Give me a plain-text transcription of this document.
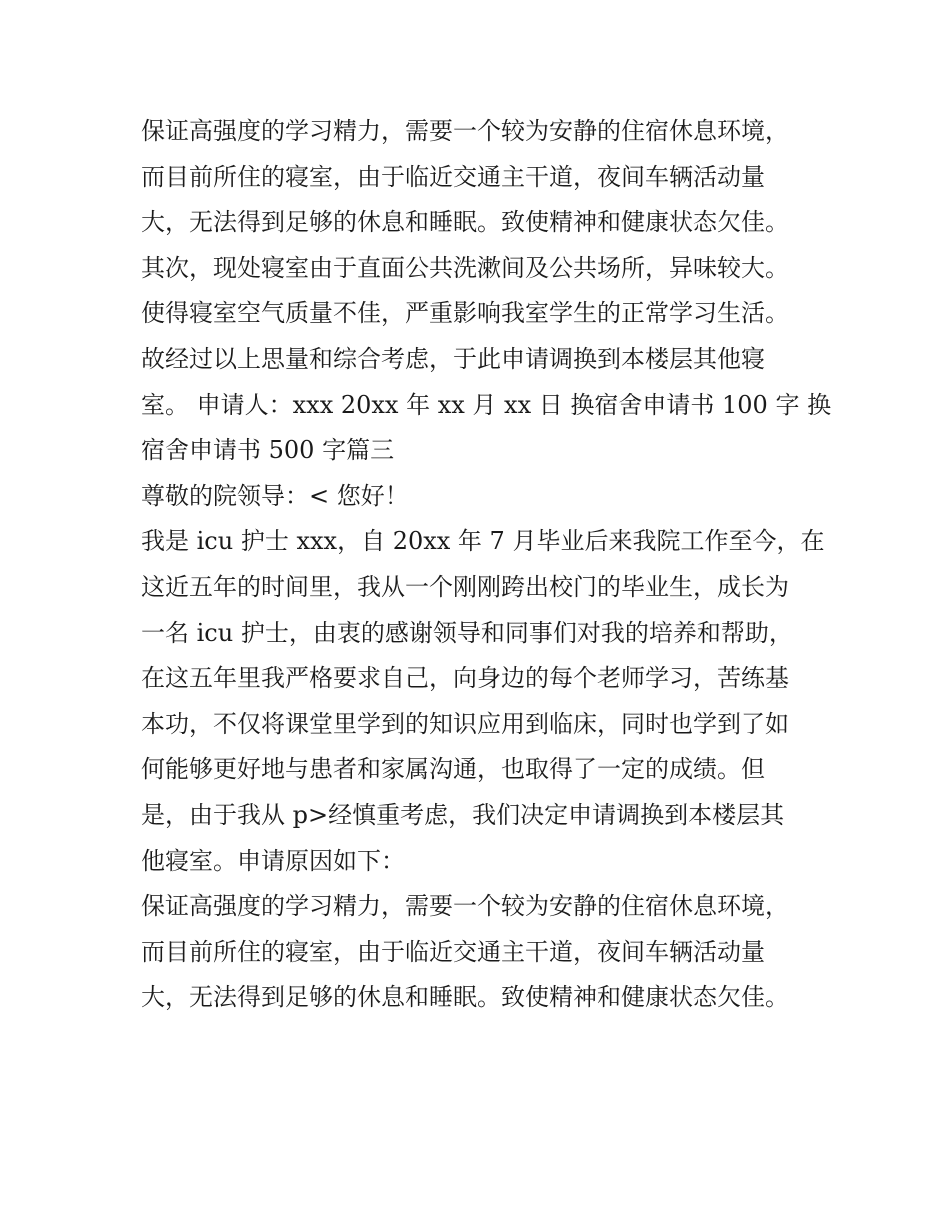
保证高强度的学习精力，需要一个较为安静的住宿休息环境，
而目前所住的寝室，由于临近交通主干道，夜间车辆活动量
大，无法得到足够的休息和睡眠。致使精神和健康状态欠佳。
其次，现处寝室由于直面公共洗漱间及公共场所，异味较大。
使得寝室空气质量不佳，严重影响我室学生的正常学习生活。
故经过以上思量和综合考虑，于此申请调换到本楼层其他寝
室。 申请人：xxx 20xx 年 xx 月 xx 日 换宿舍申请书 100 字 换
宿舍申请书 500 字篇三
尊敬的院领导：< 您好！
我是 icu 护士 xxx，自 20xx 年 7 月毕业后来我院工作至今，在
这近五年的时间里，我从一个刚刚跨出校门的毕业生，成长为
一名 icu 护士，由衷的感谢领导和同事们对我的培养和帮助，
在这五年里我严格要求自己，向身边的每个老师学习，苦练基
本功，不仅将课堂里学到的知识应用到临床，同时也学到了如
何能够更好地与患者和家属沟通，也取得了一定的成绩。但
是，由于我从 p>经慎重考虑，我们决定申请调换到本楼层其
他寝室。申请原因如下：
保证高强度的学习精力，需要一个较为安静的住宿休息环境，
而目前所住的寝室，由于临近交通主干道，夜间车辆活动量
大，无法得到足够的休息和睡眠。致使精神和健康状态欠佳。
